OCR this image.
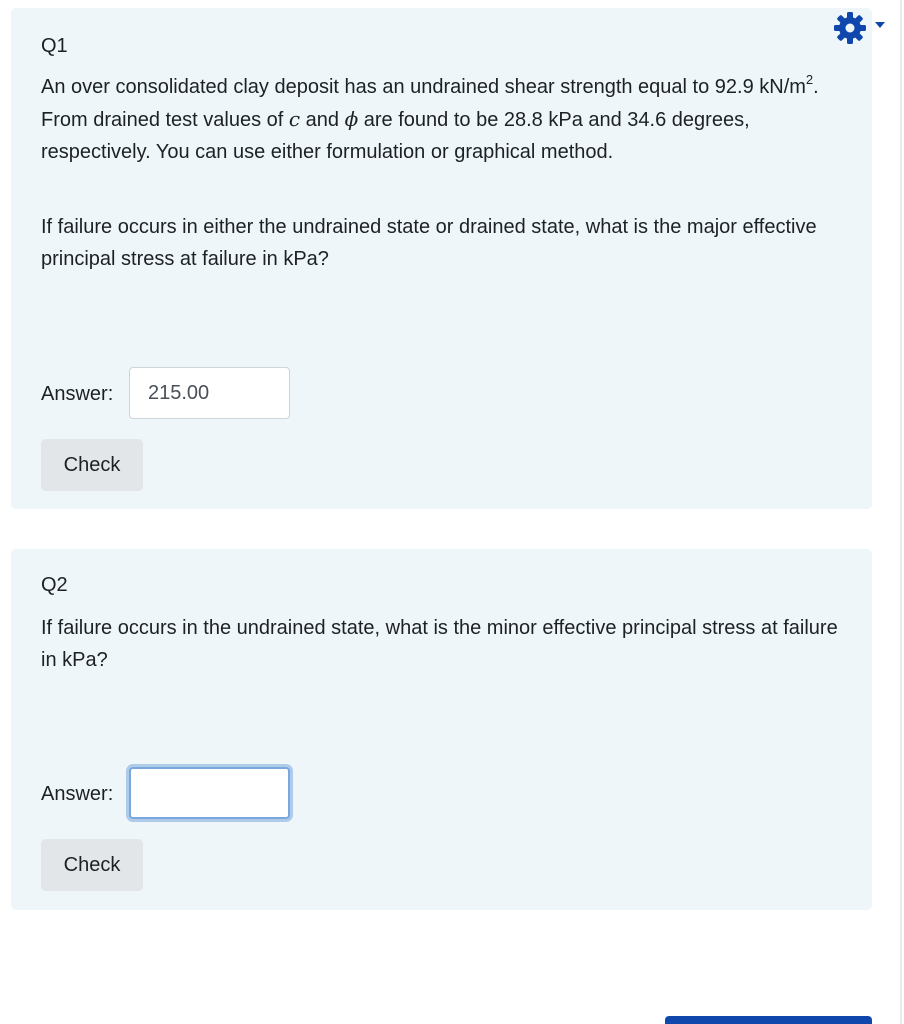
Q1

An over consolidated clay deposit has an undrained shear strength equal to 92.9 $kN/m^2$. From drained test values of c and ϕ are found to be 28.8 kPa and 34.6 degrees, respectively. You can use either formulation or graphical method.

If failure occurs in either the undrained state or drained state, what is the major effective principal stress at failure in kPa?

Answer:
215.00
Check
Q2

If failure occurs in the undrained state, what is the minor effective principal stress at failure in kPa?

Answer:
Check
